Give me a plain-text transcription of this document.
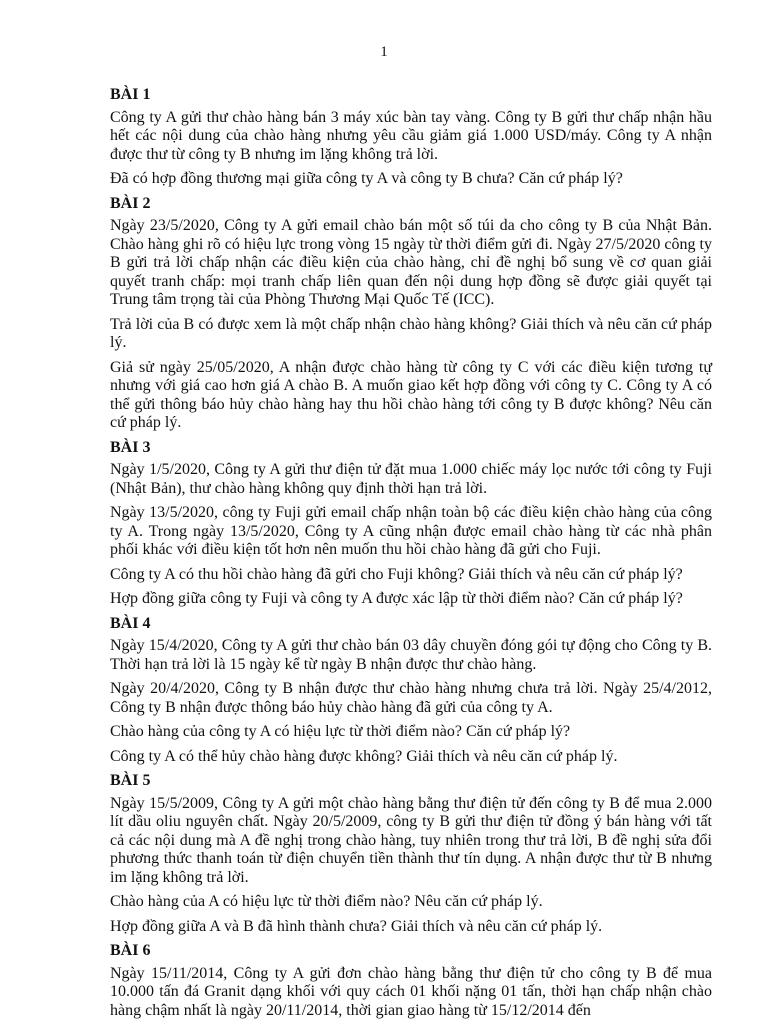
1
BÀI 1

Công ty A gửi thư chào hàng bán 3 máy xúc bàn tay vàng. Công ty B gửi thư chấp nhận hầu hết các nội dung của chào hàng nhưng yêu cầu giảm giá 1.000 USD/máy. Công ty A nhận được thư từ công ty B nhưng im lặng không trả lời.

Đã có hợp đồng thương mại giữa công ty A và công ty B chưa? Căn cứ pháp lý?

BÀI 2

Ngày 23/5/2020, Công ty A gửi email chào bán một số túi da cho công ty B của Nhật Bản. Chào hàng ghi rõ có hiệu lực trong vòng 15 ngày từ thời điểm gửi đi. Ngày 27/5/2020 công ty B gửi trả lời chấp nhận các điều kiện của chào hàng, chỉ đề nghị bổ sung về cơ quan giải quyết tranh chấp: mọi tranh chấp liên quan đến nội dung hợp đồng sẽ được giải quyết tại Trung tâm trọng tài của Phòng Thương Mại Quốc Tế (ICC).

Trả lời của B có được xem là một chấp nhận chào hàng không? Giải thích và nêu căn cứ pháp lý.

Giả sử ngày 25/05/2020, A nhận được chào hàng từ công ty C với các điều kiện tương tự nhưng với giá cao hơn giá A chào B. A muốn giao kết hợp đồng với công ty C. Công ty A có thể gửi thông báo hủy chào hàng hay thu hồi chào hàng tới công ty B được không? Nêu căn cứ pháp lý.

BÀI 3

Ngày 1/5/2020, Công ty A gửi thư điện tử đặt mua 1.000 chiếc máy lọc nước tới công ty Fuji (Nhật Bản), thư chào hàng không quy định thời hạn trả lời.

Ngày 13/5/2020, công ty Fuji gửi email chấp nhận toàn bộ các điều kiện chào hàng của công ty A. Trong ngày 13/5/2020, Công ty A cũng nhận được email chào hàng từ các nhà phân phối khác với điều kiện tốt hơn nên muốn thu hồi chào hàng đã gửi cho Fuji.

Công ty A có thu hồi chào hàng đã gửi cho Fuji không? Giải thích và nêu căn cứ pháp lý?

Hợp đồng giữa công ty Fuji và công ty A được xác lập từ thời điểm nào? Căn cứ pháp lý?

BÀI 4

Ngày 15/4/2020, Công ty A gửi thư chào bán 03 dây chuyền đóng gói tự động cho Công ty B. Thời hạn trả lời là 15 ngày kể từ ngày B nhận được thư chào hàng.

Ngày 20/4/2020, Công ty B nhận được thư chào hàng nhưng chưa trả lời. Ngày 25/4/2012, Công ty B nhận được thông báo hủy chào hàng đã gửi của công ty A.

Chào hàng của công ty A có hiệu lực từ thời điểm nào? Căn cứ pháp lý?

Công ty A có thể hủy chào hàng được không? Giải thích và nêu căn cứ pháp lý.

BÀI 5

Ngày 15/5/2009, Công ty A gửi một chào hàng bằng thư điện tử đến công ty B để mua 2.000 lít dầu oliu nguyên chất. Ngày 20/5/2009, công ty B gửi thư điện tử đồng ý bán hàng với tất cả các nội dung mà A đề nghị trong chào hàng, tuy nhiên trong thư trả lời, B đề nghị sửa đổi phương thức thanh toán từ điện chuyển tiền thành thư tín dụng. A nhận được thư từ B nhưng im lặng không trả lời.

Chào hàng của A có hiệu lực từ thời điểm nào? Nêu căn cứ pháp lý.

Hợp đồng giữa A và B đã hình thành chưa? Giải thích và nêu căn cứ pháp lý.

BÀI 6

Ngày 15/11/2014, Công ty A gửi đơn chào hàng bằng thư điện tử cho công ty B để mua 10.000 tấn đá Granit dạng khối với quy cách 01 khối nặng 01 tấn, thời hạn chấp nhận chào hàng chậm nhất là ngày 20/11/2014, thời gian giao hàng từ 15/12/2014 đến
